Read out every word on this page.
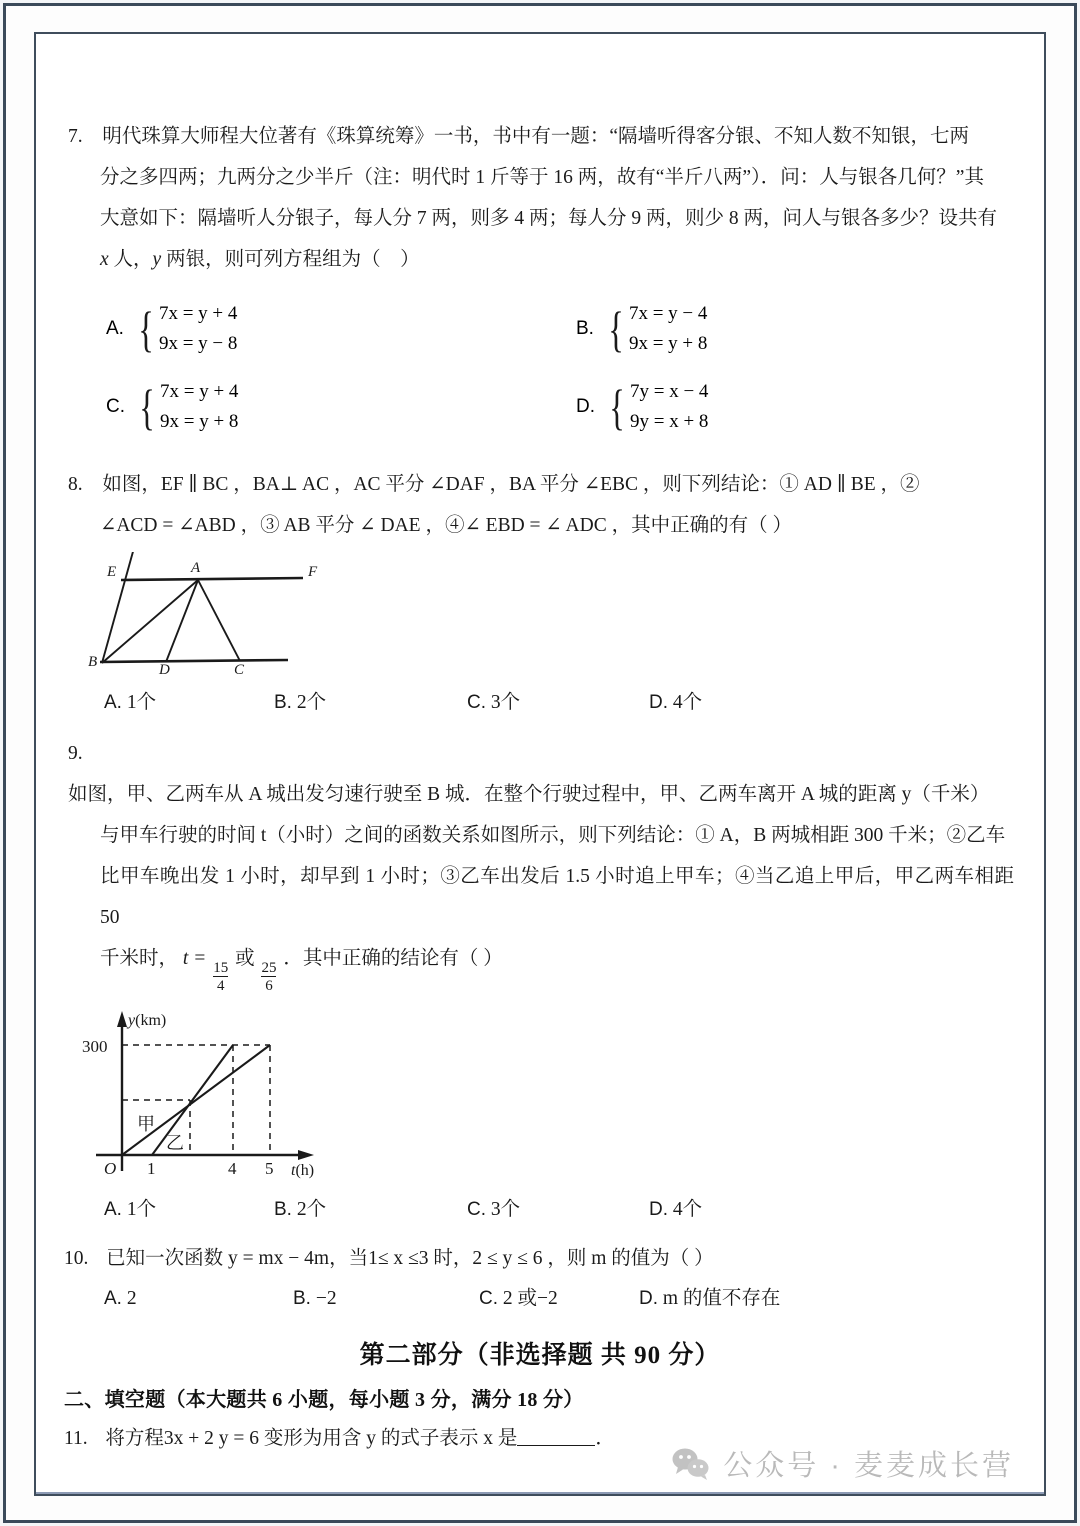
7. 明代珠算大师程大位著有《珠算统筹》一书，书中有一题：“隔墙听得客分银、不知人数不知银，七两
分之多四两；九两分之少半斤（注：明代时 1 斤等于 16 两，故有“半斤八两”）．问：人与银各几何？”其
大意如下：隔墙听人分银子，每人分 7 两，则多 4 两；每人分 9 两，则少 8 两，问人与银各多少？设共有
x 人，y 两银，则可列方程组为（    ）
A. { 7x = y + 4
9x = y − 8
B. { 7x = y − 4
9x = y + 8
C. { 7x = y + 4
9x = y + 8
D. { 7y = x − 4
9y = x + 8
8. 如图，EF ∥ BC ，BA⊥ AC ，AC 平分 ∠DAF ，BA 平分 ∠EBC ，则下列结论：① AD ∥ BE ，②
∠ACD = ∠ABD ，③ AB 平分 ∠ DAE ，④∠ EBD = ∠ ADC ，其中正确的有（ ）
E	A	F
B	D	C
A. 1个	B. 2个	C. 3个	D. 4个
9.  如图，甲、乙两车从 A 城出发匀速行驶至 B 城．在整个行驶过程中，甲、乙两车离开 A 城的距离 y（千米）
与甲车行驶的时间 t（小时）之间的函数关系如图所示，则下列结论：① A，B 两城相距 300 千米；②乙车
比甲车晚出发 1 小时，却早到 1 小时；③乙车出发后 1.5 小时追上甲车；④当乙追上甲后，甲乙两车相距 50
千米时， t =
$\frac{15}{4}$
或
$\frac{25}{6}$
．其中正确的结论有（ ）
y(km)
t(h)
300
O 1	4 5
甲
乙
A. 1个	B. 2个	C. 3个	D. 4个
10. 已知一次函数 y = mx − 4m，当1≤ x ≤3 时，2 ≤ y ≤ 6 ，则 m 的值为（ ）
A. 2	B. −2	C. 2 或−2	D. m 的值不存在
第二部分（非选择题 共 90 分）
二、填空题（本大题共 6 小题，每小题 3 分，满分 18 分）
11. 将方程3x + 2 y = 6 变形为用含 y 的式子表示 x 是	．
公众号 · 麦麦成长营
